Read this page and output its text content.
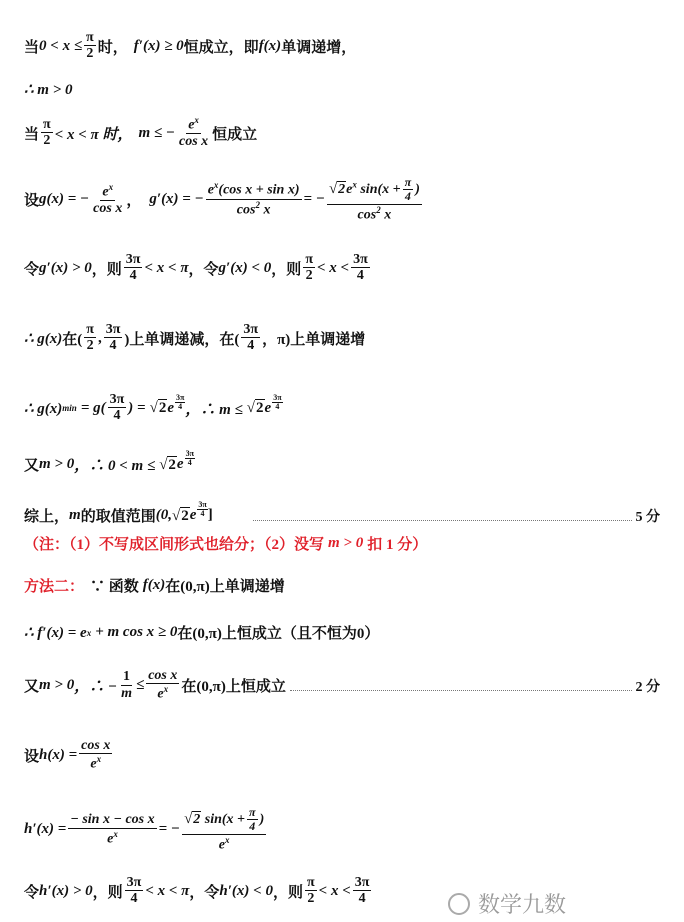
当 $0 < x \le \frac{\pi}{2}$ 时， f′(x) ≥ 0 恒成立，即 f(x) 单调递增，
∴ m > 0
当 $\frac{\pi}{2} < x < \pi$ 时， m ≤ − $\frac{e^x}{\text{cos x}}$ 恒成立
设 g(x) = − $\frac{e^x}{\text{cos x}}$ ， g′(x) = − $\frac{e^x(\cos x + \sin x)}{\cos^2 x}$ = − $\frac{√ 2 e^x \sin(x + \frac{\pi}{4} )}{\cos^2 x}$
令 g′(x) > 0 ，则 $\frac{3\pi}{4} < x < \pi$ ，令 g′(x) < 0 ，则 $\frac{\pi}{2} < x < \frac{3\pi}{4}$
∴ g(x) 在( $\frac{\pi}{2}$ , $\frac{3\pi}{4}$ )上单调递减，在( $\frac{3\pi}{4}$ ，π)上单调递增
∴ g(x) $\min = g( \frac{3\pi}{4}$ ) = √ 2 e $\frac{3\pi}{4}$ ，∴ m ≤ √ 2 e $\frac{3\pi}{4}$
又 m > 0 ，∴ 0 < m ≤ √ 2 e $\frac{3\pi}{4}$
综上， m 的取值范围 (0, √ 2 e $\frac{3\pi}{4}$ ]	5 分
（注：（1）不写成区间形式也给分；（2）没写 m > 0 扣 1 分）
方法二： ∵ 函数 f(x) 在(0,π)上单调递增
∴ f′(x) = e x + m cos x ≥ 0 在(0,π)上恒成立（且不恒为0）
又 m > 0 ，∴ − $\frac{1}{m} \le \frac{\text{cos x}}{e^x}$ 在(0,π)上恒成立	2 分
设 $h(x) = \frac{\text{cos x}}{e^x}$
$h'(x) = \frac{\text{− sin x − cos x}}{e^x}$ = − $\frac{√ 2 \sin(x + \frac{\pi}{4} )}{e^x}$
令 h′(x) > 0 ，则 $\frac{3\pi}{4} < x < \pi$ ，令 h′(x) < 0 ，则 $\frac{\pi}{2} < x < \frac{3\pi}{4}$	数学九数
